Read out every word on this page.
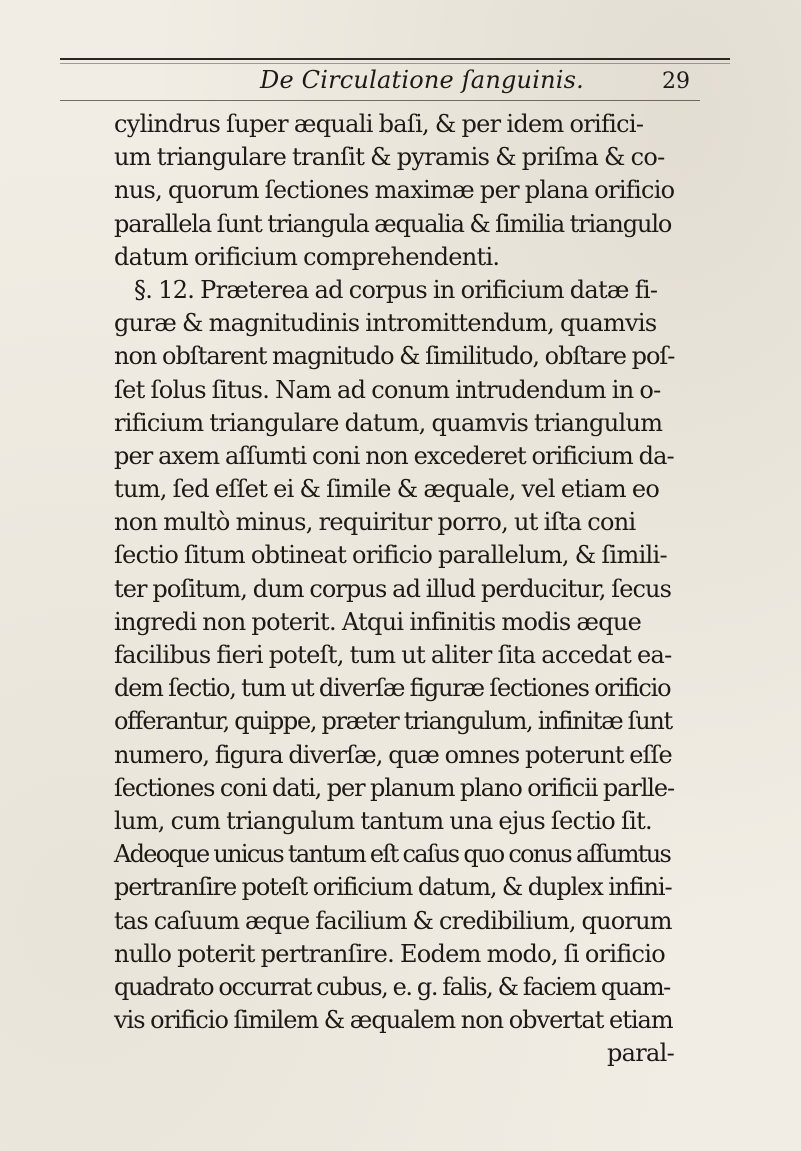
De Circulatione ſanguinis.	29
cylindrus ſuper æquali baſi, & per idem orifici-
um triangulare tranſit & pyramis & priſma & co-
nus, quorum ſectiones maximæ per plana orificio
parallela ſunt triangula æqualia & ſimilia triangulo
datum orificium comprehendenti.
§. 12. Præterea ad corpus in orificium datæ fi-
guræ & magnitudinis intromittendum, quamvis
non obſtarent magnitudo & ſimilitudo, obſtare poſ-
ſet ſolus ſitus. Nam ad conum intrudendum in o-
rificium triangulare datum, quamvis triangulum
per axem aſſumti coni non excederet orificium da-
tum, ſed eſſet ei & ſimile & æquale, vel etiam eo
non multò minus, requiritur porro, ut iſta coni
ſectio ſitum obtineat orificio parallelum, & ſimili-
ter poſitum, dum corpus ad illud perducitur, ſecus
ingredi non poterit. Atqui infinitis modis æque
facilibus fieri poteſt, tum ut aliter ſita accedat ea-
dem ſectio, tum ut diverſæ figuræ ſectiones orificio
offerantur, quippe, præter triangulum, infinitæ ſunt
numero, figura diverſæ, quæ omnes poterunt eſſe
ſectiones coni dati, per planum plano orificii parlle-
lum, cum triangulum tantum una ejus ſectio ſit.
Adeoque unicus tantum eſt caſus quo conus aſſumtus
pertranſire poteſt orificium datum, & duplex infini-
tas caſuum æque facilium & credibilium, quorum
nullo poterit pertranſire. Eodem modo, ſi orificio
quadrato occurrat cubus, e. g. falis, & faciem quam-
vis orificio ſimilem & æqualem non obvertat etiam
paral-
